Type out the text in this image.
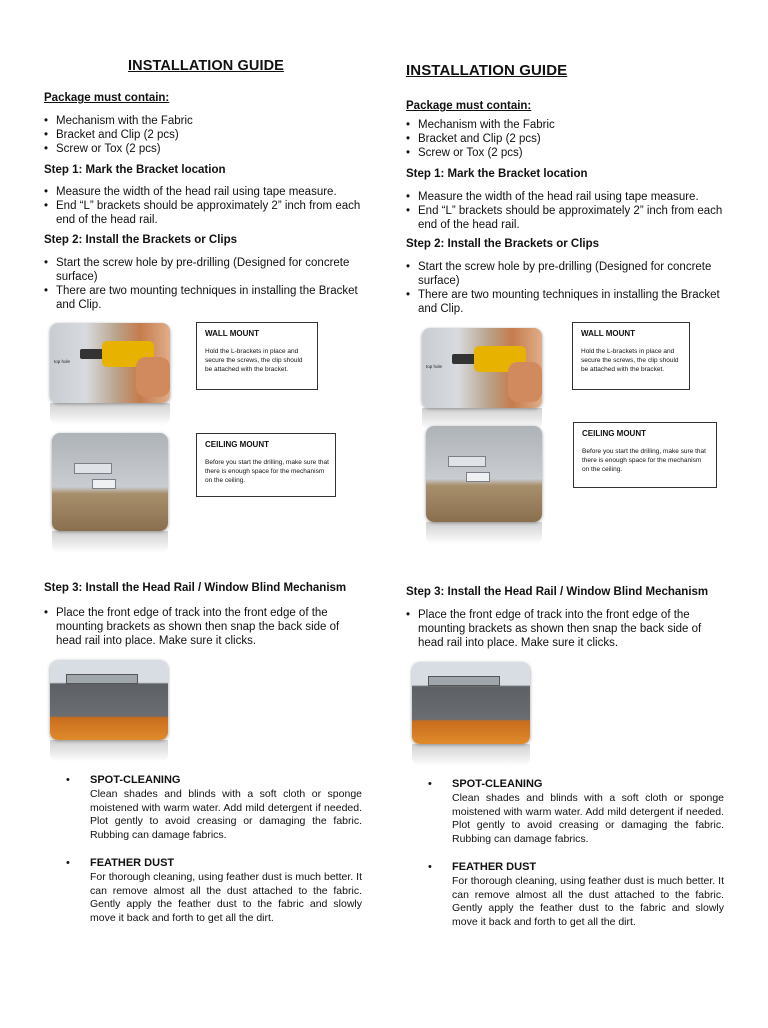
INSTALLATION GUIDE
Package must contain:
• Mechanism with the Fabric
• Bracket and Clip (2 pcs)
• Screw or Tox (2 pcs)
Step 1: Mark the Bracket location
• Measure the width of the head rail using tape measure.
• End “L” brackets should be approximately 2” inch from each end of the head rail.
Step 2: Install the Brackets or Clips
• Start the screw hole by pre-drilling (Designed for concrete surface)
• There are two mounting techniques in installing the Bracket and Clip.
top hole
WALL MOUNT
Hold the L-brackets in place and secure the screws, the clip should be attached with the bracket.
CEILING MOUNT
Before you start the drilling, make sure that there is enough space for the mechanism on the ceiling.
Step 3: Install the Head Rail / Window Blind Mechanism
• Place the front edge of track into the front edge of the mounting brackets as shown then snap the back side of head rail into place. Make sure it clicks.
• SPOT-CLEANING
Clean shades and blinds with a soft cloth or sponge moistened with warm water. Add mild detergent if needed. Plot gently to avoid creasing or damaging the fabric. Rubbing can damage fabrics.
• FEATHER DUST
For thorough cleaning, using feather dust is much better. It can remove almost all the dust attached to the fabric. Gently apply the feather dust to the fabric and slowly move it back and forth to get all the dirt.
INSTALLATION GUIDE
Package must contain:
• Mechanism with the Fabric
• Bracket and Clip (2 pcs)
• Screw or Tox (2 pcs)
Step 1: Mark the Bracket location
• Measure the width of the head rail using tape measure.
• End “L” brackets should be approximately 2” inch from each end of the head rail.
Step 2: Install the Brackets or Clips
• Start the screw hole by pre-drilling (Designed for concrete surface)
• There are two mounting techniques in installing the Bracket and Clip.
top hole
WALL MOUNT
Hold the L-brackets in place and secure the screws, the clip should be attached with the bracket.
CEILING MOUNT
Before you start the drilling, make sure that there is enough space for the mechanism on the ceiling.
Step 3: Install the Head Rail / Window Blind Mechanism
• Place the front edge of track into the front edge of the mounting brackets as shown then snap the back side of head rail into place. Make sure it clicks.
• SPOT-CLEANING
Clean shades and blinds with a soft cloth or sponge moistened with warm water. Add mild detergent if needed. Plot gently to avoid creasing or damaging the fabric. Rubbing can damage fabrics.
• FEATHER DUST
For thorough cleaning, using feather dust is much better. It can remove almost all the dust attached to the fabric. Gently apply the feather dust to the fabric and slowly move it back and forth to get all the dirt.
